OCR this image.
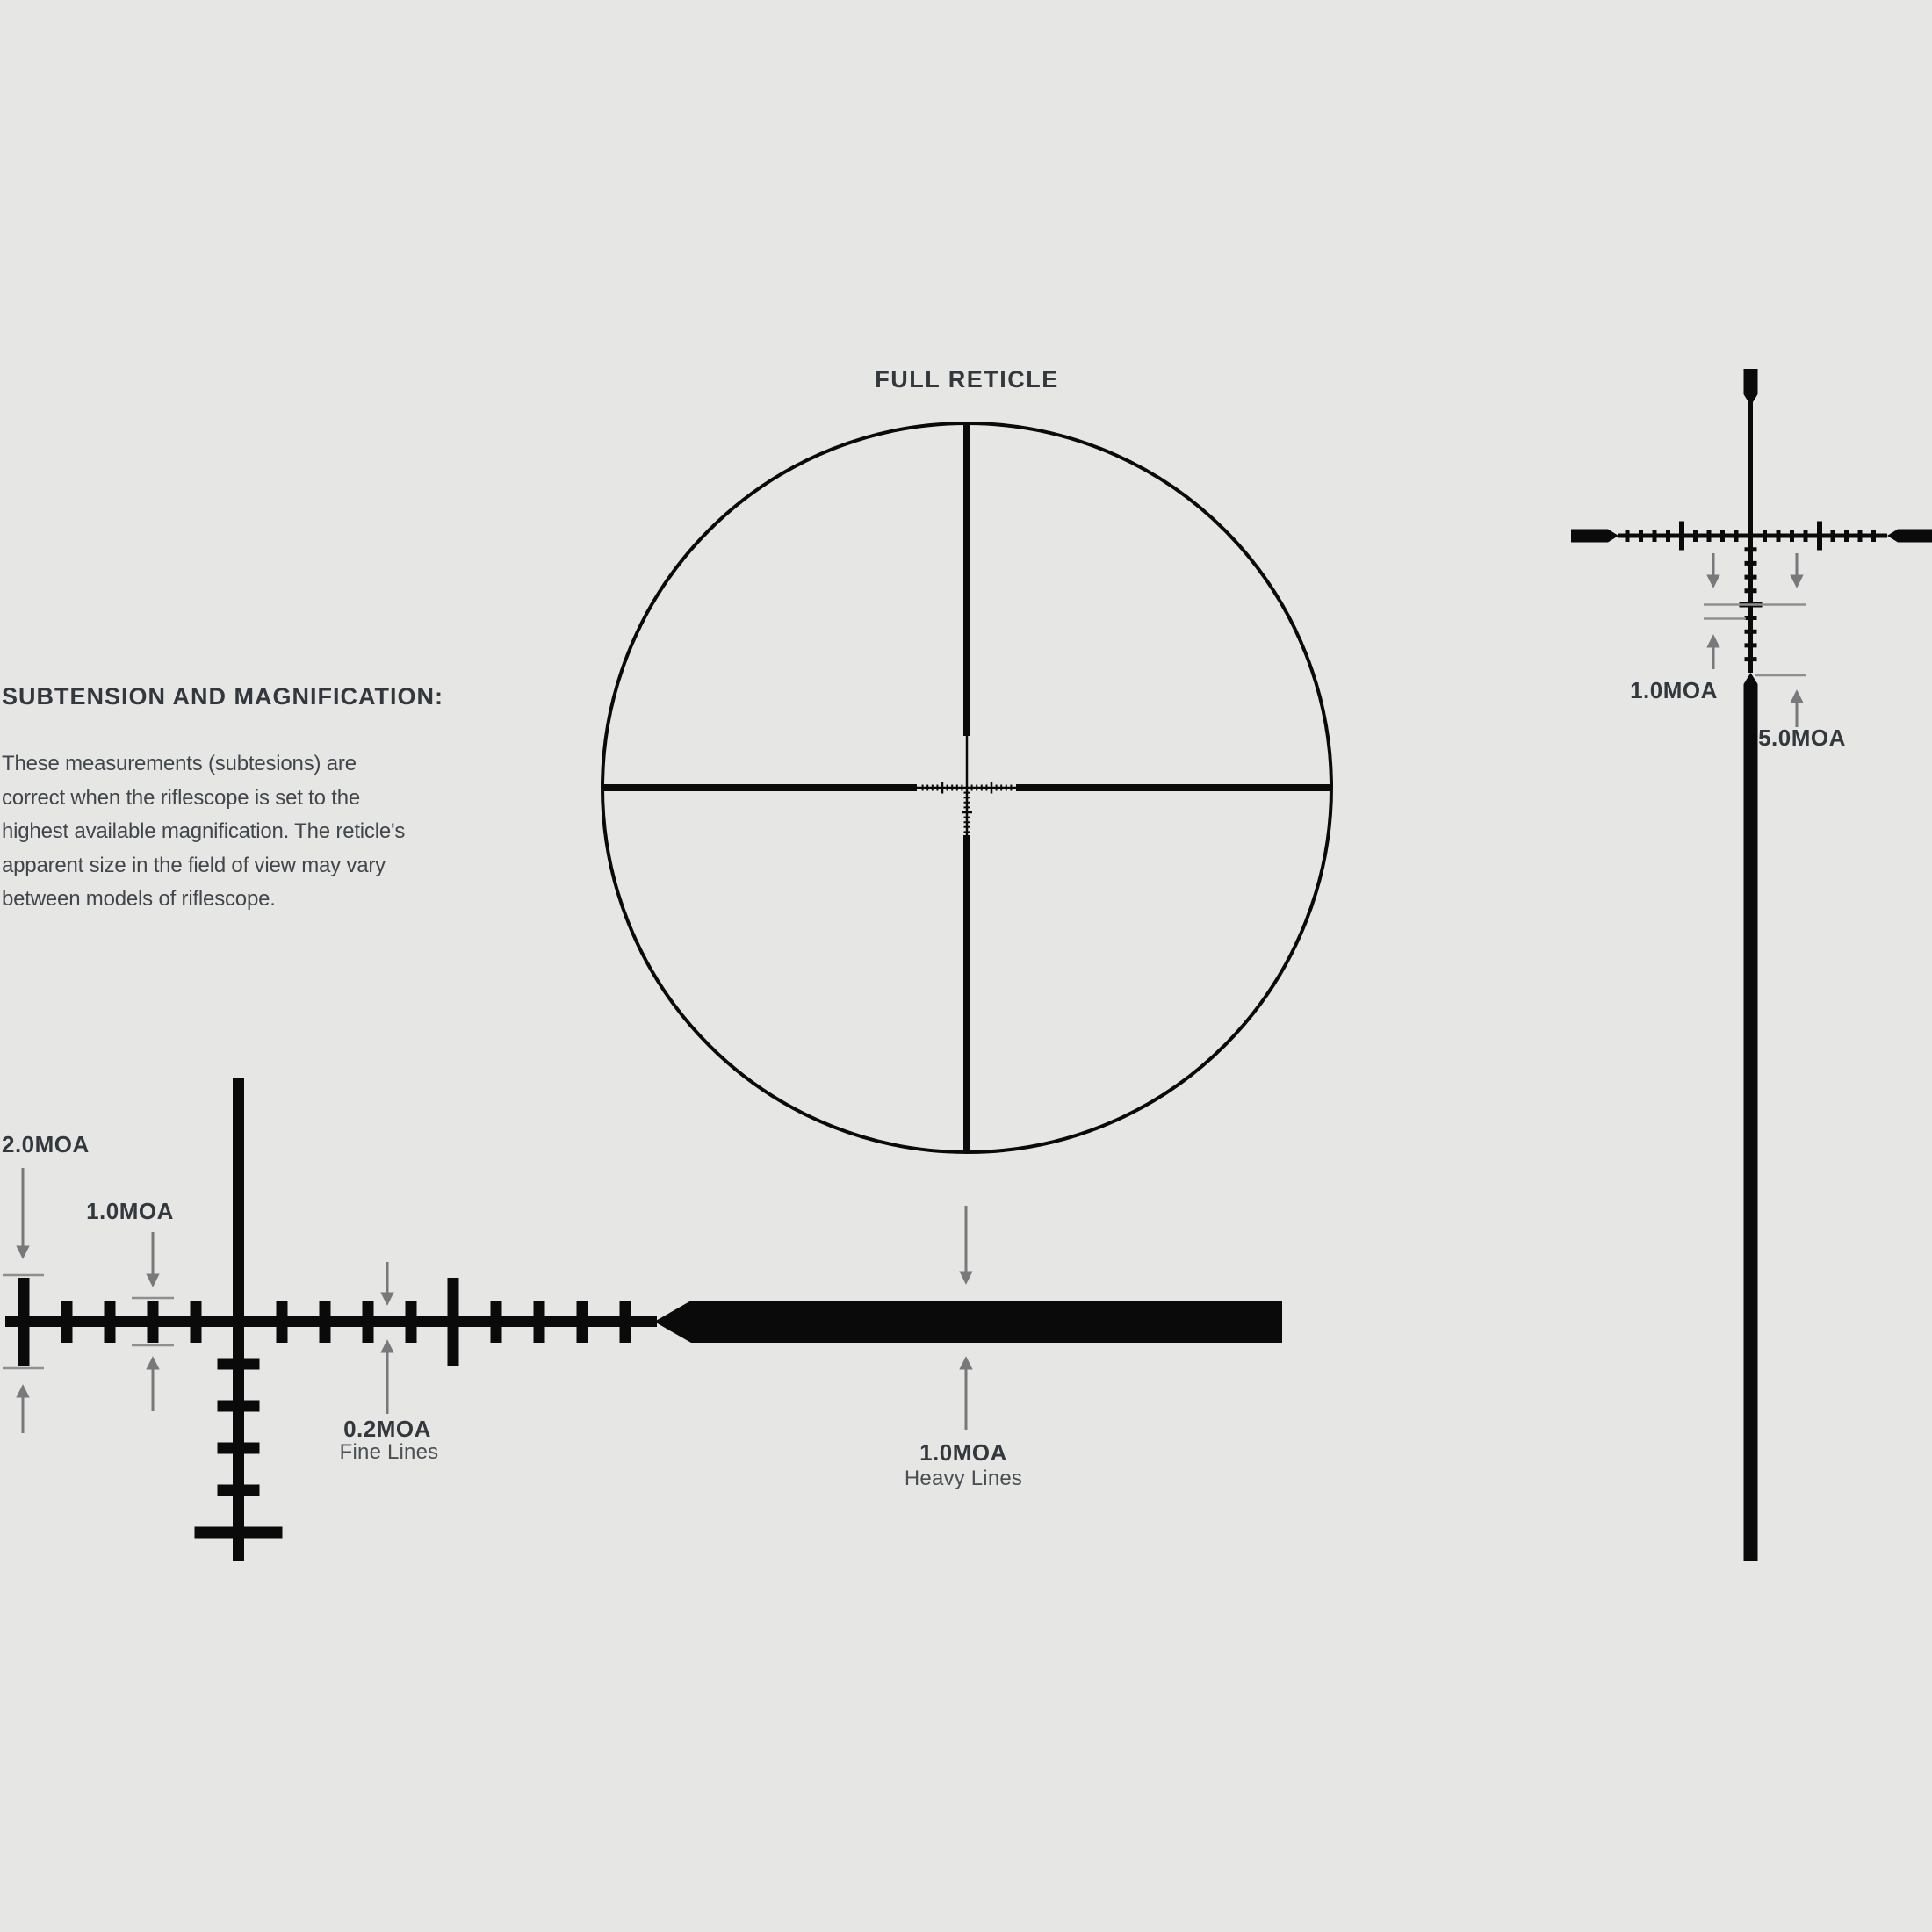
FULL RETICLE
2.0MOA
1.0MOA
0.2MOA
Fine Lines	1.0MOA
Heavy Lines
1.0MOA
5.0MOA
SUBTENSION AND MAGNIFICATION:
These measurements (subtesions) are
correct when the riflescope is set to the
highest available magnification. The reticle's
apparent size in the field of view may vary
between models of riflescope.
